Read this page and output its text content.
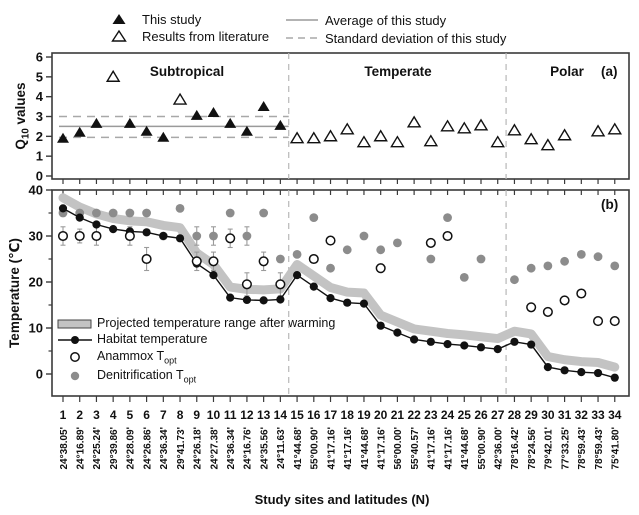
0
1
2
3
4
5
6
0
10
20
30
40
1
24°38.05'
2
24°16.89'
3
24°25.24'
4
29°39.86'
5
24°28.09'
6
24°26.86'
7
24°36.34'
8
29°41.73'
9
24°26.18'
10
24°27.38'
11
24°36.34'
12
24°16.76'
13
24°35.56'
14
24°11.63'
15
41°44.68'
16
55°00.90'
17
41°17.16'
18
41°17.16'
19
41°44.68'
20
41°17.16'
21
56°00.00'
22
55°40.57'
23
41°17.16'
24
41°17.16'
25
41°44.68'
26
55°00.90'
27
42°36.00'
28
78°16.42'
29
78°24.56'
30
79°42.01'
31
77°33.25'
32
78°59.43'
33
78°59.43'
34
75°41.80'
This study
Results from literature
Average of this study
Standard deviation of this study
Subtropical	Temperate	Polar (a)
(b)
$Q_{10}$ values
Temperature (℃)
Study sites and latitudes (N)
Projected temperature range after warming
Habitat temperature
Anammox $T_{opt}$
Denitrification $T_{opt}$
